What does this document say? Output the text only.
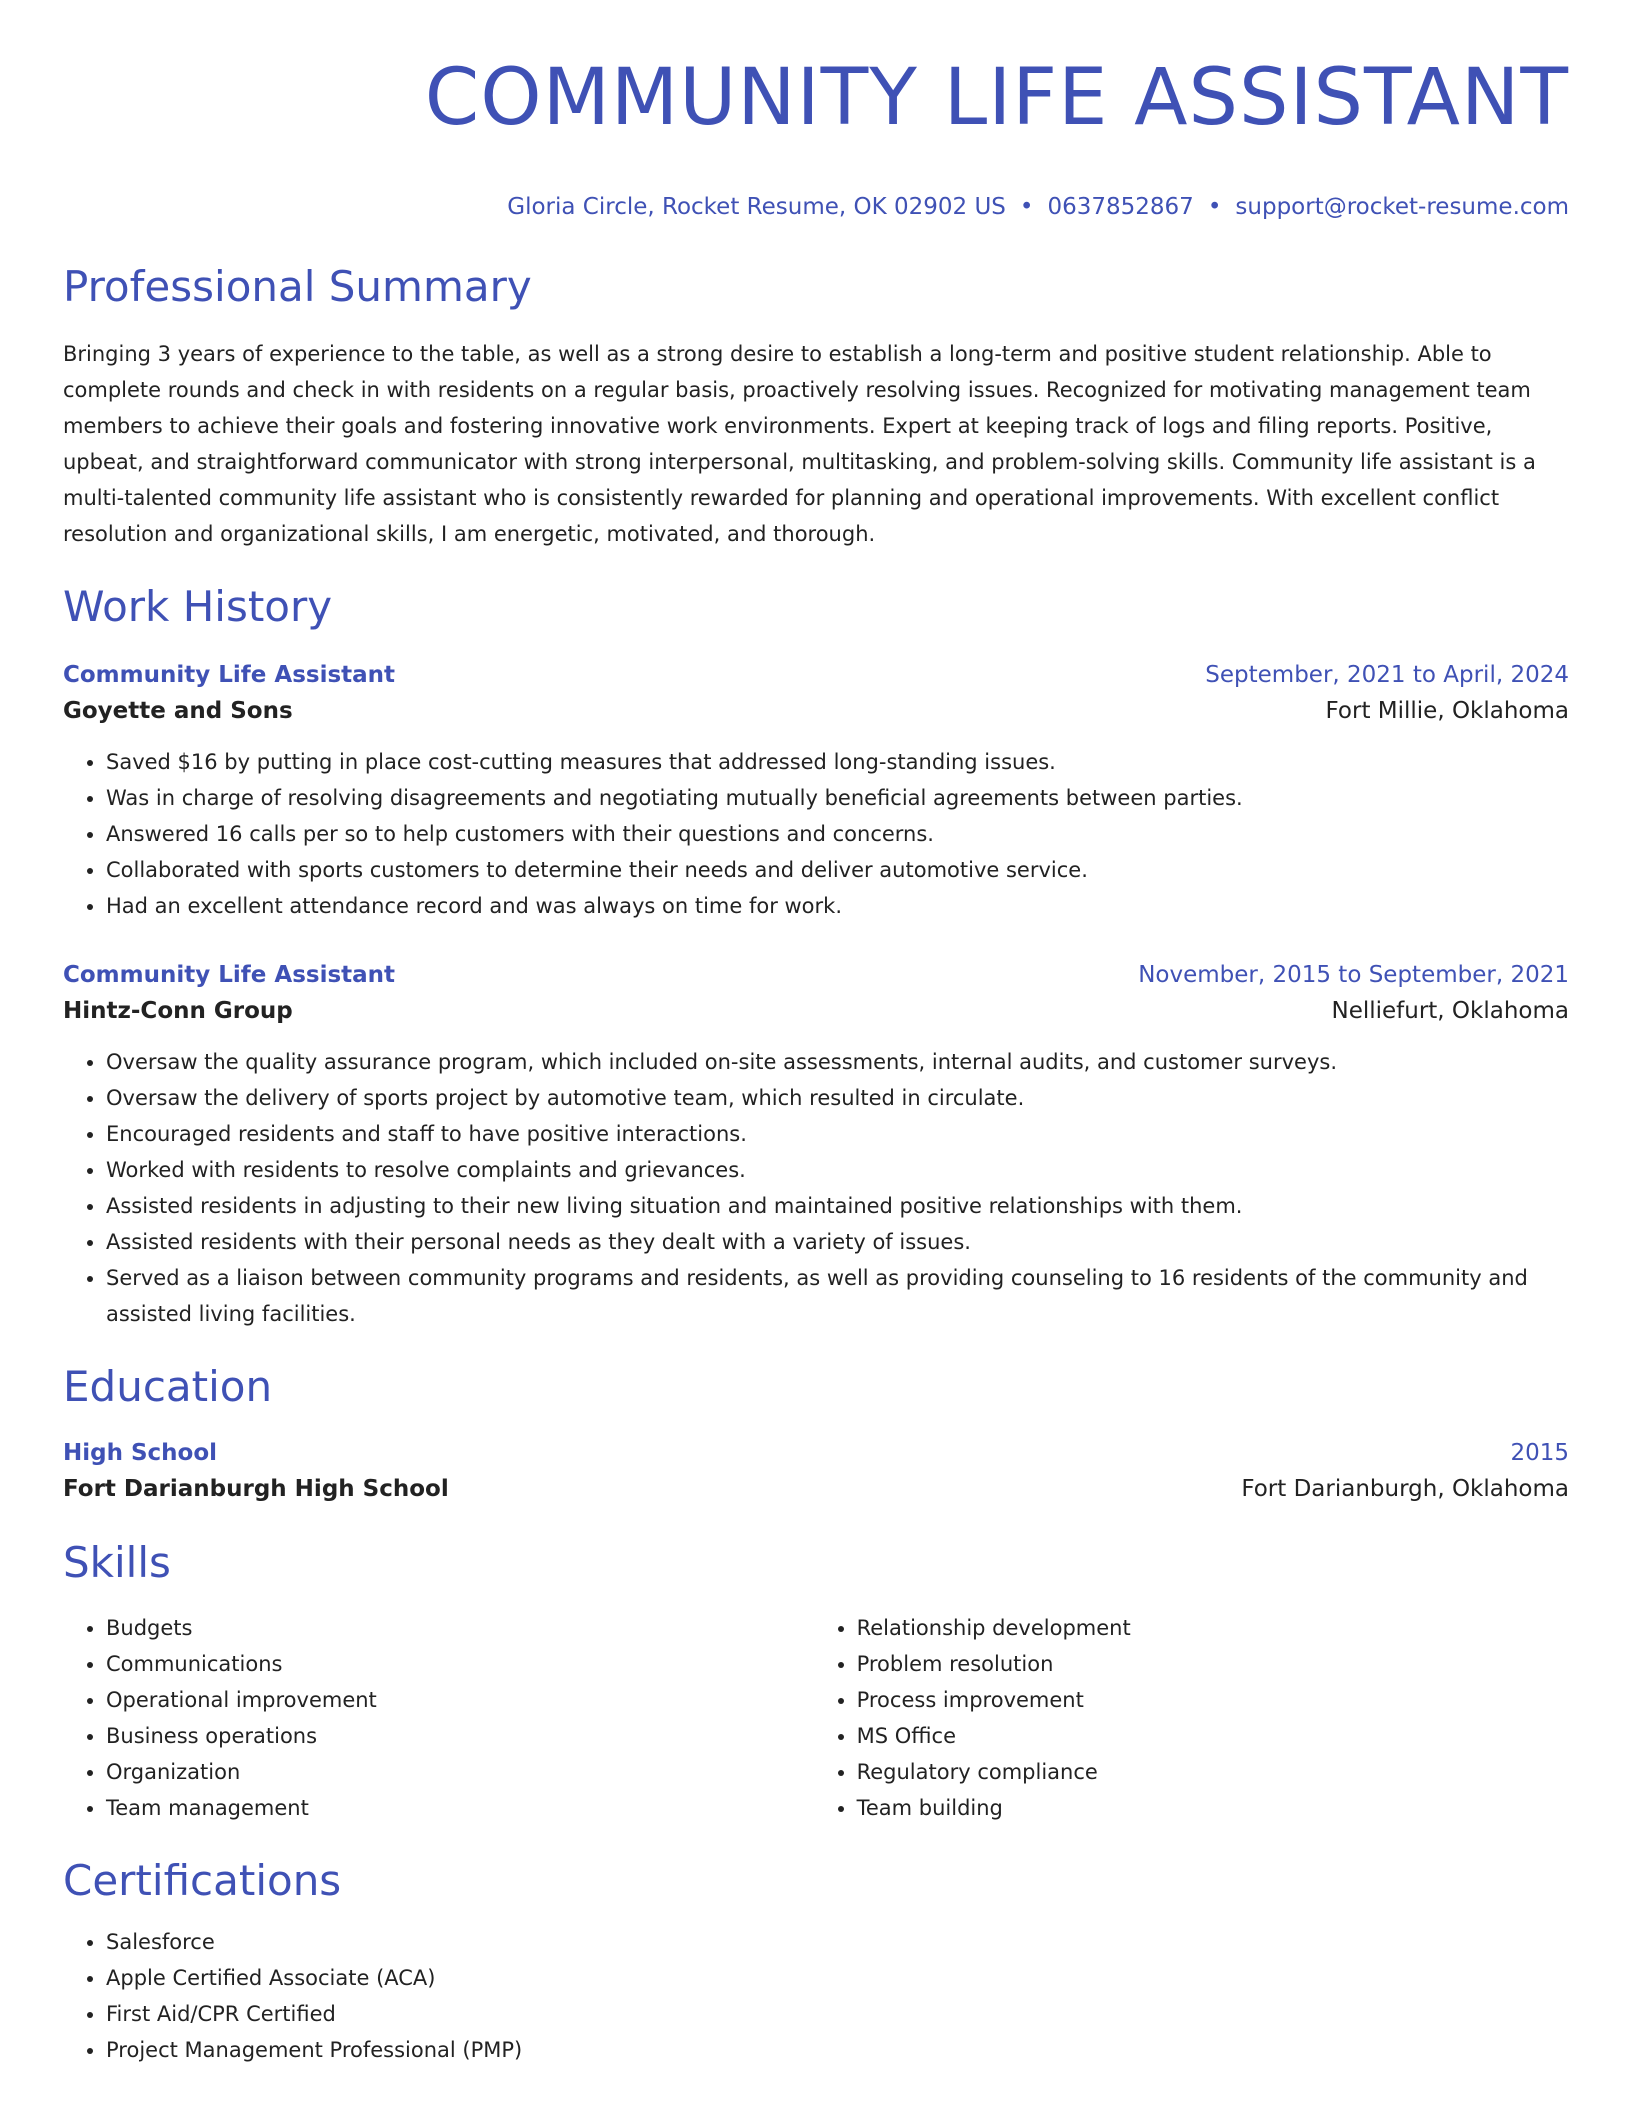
COMMUNITY LIFE ASSISTANT
Gloria Circle, Rocket Resume, OK 02902 US • 0637852867 • support@rocket-resume.com
Professional Summary
Bringing 3 years of experience to the table, as well as a strong desire to establish a long-term and positive student relationship. Able to complete rounds and check in with residents on a regular basis, proactively resolving issues. Recognized for motivating management team members to achieve their goals and fostering innovative work environments. Expert at keeping track of logs and filing reports. Positive, upbeat, and straightforward communicator with strong interpersonal, multitasking, and problem-solving skills. Community life assistant is a multi-talented community life assistant who is consistently rewarded for planning and operational improvements. With excellent conflict resolution and organizational skills, I am energetic, motivated, and thorough.
Work History
Community Life Assistant	September, 2021 to April, 2024
Goyette and Sons	Fort Millie, Oklahoma
• Saved $16 by putting in place cost-cutting measures that addressed long-standing issues.
• Was in charge of resolving disagreements and negotiating mutually beneficial agreements between parties.
• Answered 16 calls per so to help customers with their questions and concerns.
• Collaborated with sports customers to determine their needs and deliver automotive service.
• Had an excellent attendance record and was always on time for work.
Community Life Assistant	November, 2015 to September, 2021
Hintz-Conn Group	Nelliefurt, Oklahoma
• Oversaw the quality assurance program, which included on-site assessments, internal audits, and customer surveys.
• Oversaw the delivery of sports project by automotive team, which resulted in circulate.
• Encouraged residents and staff to have positive interactions.
• Worked with residents to resolve complaints and grievances.
• Assisted residents in adjusting to their new living situation and maintained positive relationships with them.
• Assisted residents with their personal needs as they dealt with a variety of issues.
• Served as a liaison between community programs and residents, as well as providing counseling to 16 residents of the community and assisted living facilities.
Education
High School	2015
Fort Darianburgh High School	Fort Darianburgh, Oklahoma
Skills
• Budgets
• Communications
• Operational improvement
• Business operations
• Organization
• Team management
• Relationship development
• Problem resolution
• Process improvement
• MS Office
• Regulatory compliance
• Team building
Certifications
• Salesforce
• Apple Certified Associate (ACA)
• First Aid/CPR Certified
• Project Management Professional (PMP)
